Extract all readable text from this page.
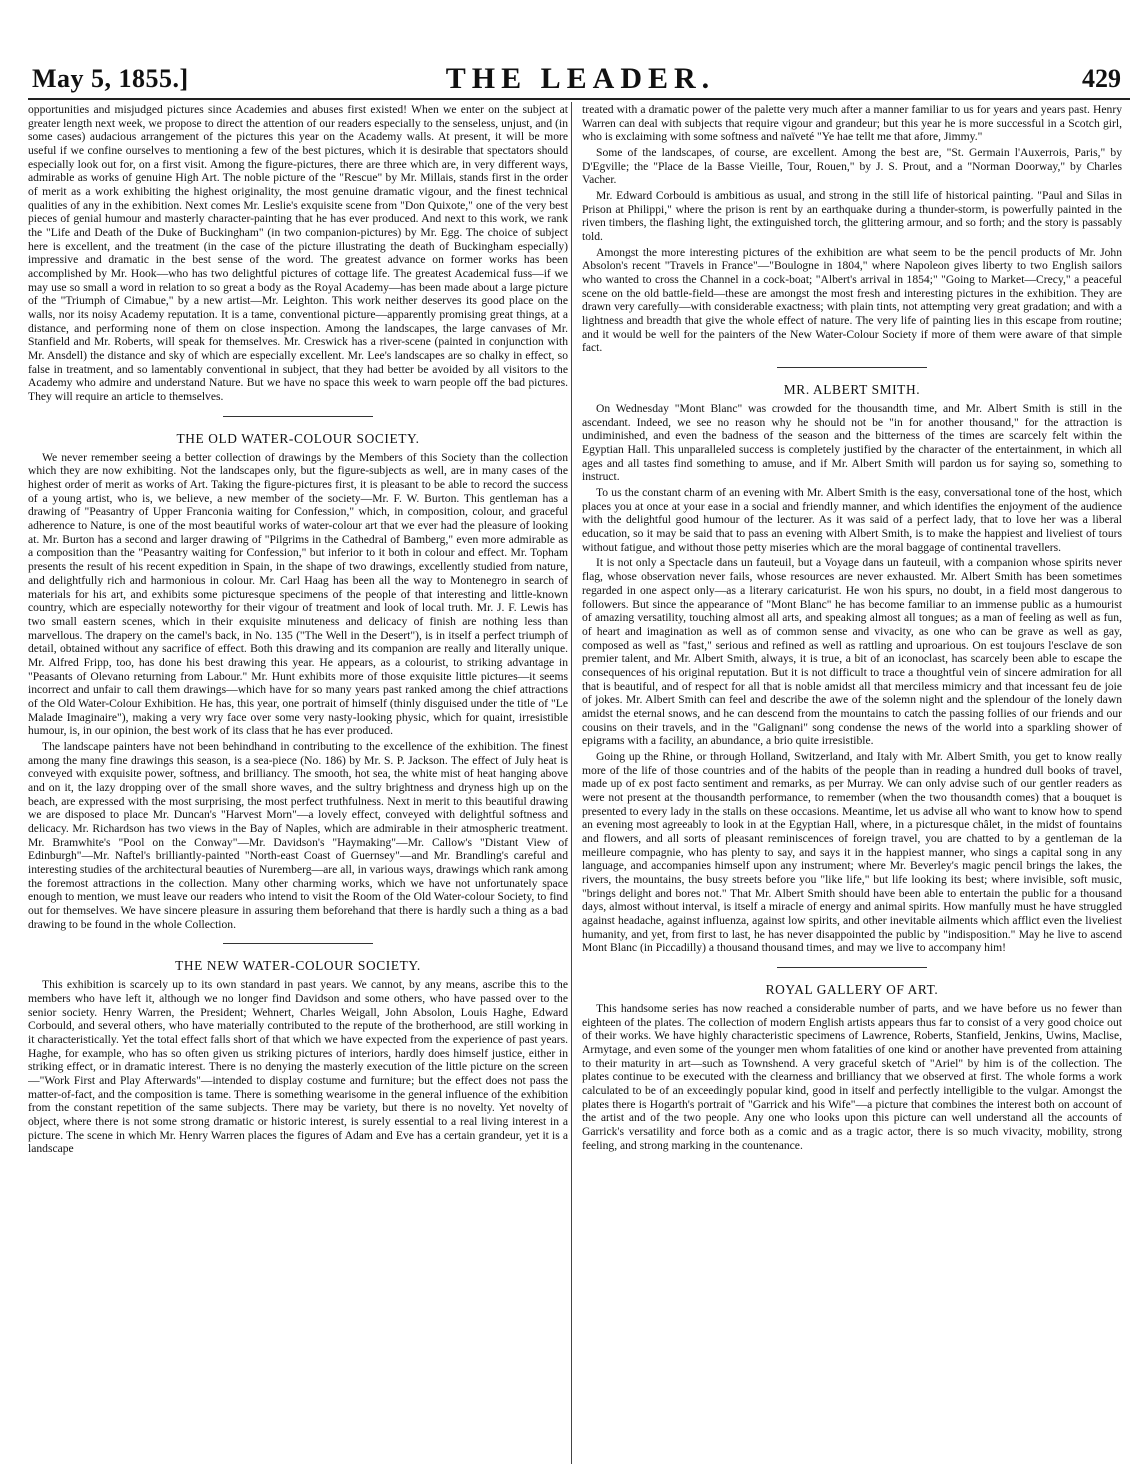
May 5, 1855.]	THE LEADER.	429

opportunities and misjudged pictures since Academies and abuses first existed! When we enter on the subject at greater length next week, we propose to direct the attention of our readers especially to the senseless, unjust, and (in some cases) audacious arrangement of the pictures this year on the Academy walls. At present, it will be more useful if we confine ourselves to mentioning a few of the best pictures, which it is desirable that spectators should especially look out for, on a first visit. Among the figure-pictures, there are three which are, in very different ways, admirable as works of genuine High Art. The noble picture of the "Rescue" by Mr. Millais, stands first in the order of merit as a work exhibiting the highest originality, the most genuine dramatic vigour, and the finest technical qualities of any in the exhibition. Next comes Mr. Leslie's exquisite scene from "Don Quixote," one of the very best pieces of genial humour and masterly character-painting that he has ever produced. And next to this work, we rank the "Life and Death of the Duke of Buckingham" (in two companion-pictures) by Mr. Egg. The choice of subject here is excellent, and the treatment (in the case of the picture illustrating the death of Buckingham especially) impressive and dramatic in the best sense of the word. The greatest advance on former works has been accomplished by Mr. Hook—who has two delightful pictures of cottage life. The greatest Academical fuss—if we may use so small a word in relation to so great a body as the Royal Academy—has been made about a large picture of the "Triumph of Cimabue," by a new artist—Mr. Leighton. This work neither deserves its good place on the walls, nor its noisy Academy reputation. It is a tame, conventional picture—apparently promising great things, at a distance, and performing none of them on close inspection. Among the landscapes, the large canvases of Mr. Stanfield and Mr. Roberts, will speak for themselves. Mr. Creswick has a river-scene (painted in conjunction with Mr. Ansdell) the distance and sky of which are especially excellent. Mr. Lee's landscapes are so chalky in effect, so false in treatment, and so lamentably conventional in subject, that they had better be avoided by all visitors to the Academy who admire and understand Nature. But we have no space this week to warn people off the bad pictures. They will require an article to themselves.

THE OLD WATER-COLOUR SOCIETY.

We never remember seeing a better collection of drawings by the Members of this Society than the collection which they are now exhibiting. Not the landscapes only, but the figure-subjects as well, are in many cases of the highest order of merit as works of Art. Taking the figure-pictures first, it is pleasant to be able to record the success of a young artist, who is, we believe, a new member of the society—Mr. F. W. Burton. This gentleman has a drawing of "Peasantry of Upper Franconia waiting for Confession," which, in composition, colour, and graceful adherence to Nature, is one of the most beautiful works of water-colour art that we ever had the pleasure of looking at. Mr. Burton has a second and larger drawing of "Pilgrims in the Cathedral of Bamberg," even more admirable as a composition than the "Peasantry waiting for Confession," but inferior to it both in colour and effect. Mr. Topham presents the result of his recent expedition in Spain, in the shape of two drawings, excellently studied from nature, and delightfully rich and harmonious in colour. Mr. Carl Haag has been all the way to Montenegro in search of materials for his art, and exhibits some picturesque specimens of the people of that interesting and little-known country, which are especially noteworthy for their vigour of treatment and look of local truth. Mr. J. F. Lewis has two small eastern scenes, which in their exquisite minuteness and delicacy of finish are nothing less than marvellous. The drapery on the camel's back, in No. 135 ("The Well in the Desert"), is in itself a perfect triumph of detail, obtained without any sacrifice of effect. Both this drawing and its companion are really and literally unique. Mr. Alfred Fripp, too, has done his best drawing this year. He appears, as a colourist, to striking advantage in "Peasants of Olevano returning from Labour." Mr. Hunt exhibits more of those exquisite little pictures—it seems incorrect and unfair to call them drawings—which have for so many years past ranked among the chief attractions of the Old Water-Colour Exhibition. He has, this year, one portrait of himself (thinly disguised under the title of "Le Malade Imaginaire"), making a very wry face over some very nasty-looking physic, which for quaint, irresistible humour, is, in our opinion, the best work of its class that he has ever produced.

The landscape painters have not been behindhand in contributing to the excellence of the exhibition. The finest among the many fine drawings this season, is a sea-piece (No. 186) by Mr. S. P. Jackson. The effect of July heat is conveyed with exquisite power, softness, and brilliancy. The smooth, hot sea, the white mist of heat hanging above and on it, the lazy dropping over of the small shore waves, and the sultry brightness and dryness high up on the beach, are expressed with the most surprising, the most perfect truthfulness. Next in merit to this beautiful drawing we are disposed to place Mr. Duncan's "Harvest Morn"—a lovely effect, conveyed with delightful softness and delicacy. Mr. Richardson has two views in the Bay of Naples, which are admirable in their atmospheric treatment. Mr. Bramwhite's "Pool on the Conway"—Mr. Davidson's "Haymaking"—Mr. Callow's "Distant View of Edinburgh"—Mr. Naftel's brilliantly-painted "North-east Coast of Guernsey"—and Mr. Brandling's careful and interesting studies of the architectural beauties of Nuremberg—are all, in various ways, drawings which rank among the foremost attractions in the collection. Many other charming works, which we have not unfortunately space enough to mention, we must leave our readers who intend to visit the Room of the Old Water-colour Society, to find out for themselves. We have sincere pleasure in assuring them beforehand that there is hardly such a thing as a bad drawing to be found in the whole Collection.

THE NEW WATER-COLOUR SOCIETY.

This exhibition is scarcely up to its own standard in past years. We cannot, by any means, ascribe this to the members who have left it, although we no longer find Davidson and some others, who have passed over to the senior society. Henry Warren, the President; Wehnert, Charles Weigall, John Absolon, Louis Haghe, Edward Corbould, and several others, who have materially contributed to the repute of the brotherhood, are still working in it characteristically. Yet the total effect falls short of that which we have expected from the experience of past years. Haghe, for example, who has so often given us striking pictures of interiors, hardly does himself justice, either in striking effect, or in dramatic interest. There is no denying the masterly execution of the little picture on the screen—"Work First and Play Afterwards"—intended to display costume and furniture; but the effect does not pass the matter-of-fact, and the composition is tame. There is something wearisome in the general influence of the exhibition from the constant repetition of the same subjects. There may be variety, but there is no novelty. Yet novelty of object, where there is not some strong dramatic or historic interest, is surely essential to a real living interest in a picture. The scene in which Mr. Henry Warren places the figures of Adam and Eve has a certain grandeur, yet it is a landscape

treated with a dramatic power of the palette very much after a manner familiar to us for years and years past. Henry Warren can deal with subjects that require vigour and grandeur; but this year he is more successful in a Scotch girl, who is exclaiming with some softness and naïveté "Ye hae tellt me that afore, Jimmy."

Some of the landscapes, of course, are excellent. Among the best are, "St. Germain l'Auxerrois, Paris," by D'Egville; the "Place de la Basse Vieille, Tour, Rouen," by J. S. Prout, and a "Norman Doorway," by Charles Vacher.

Mr. Edward Corbould is ambitious as usual, and strong in the still life of historical painting. "Paul and Silas in Prison at Philippi," where the prison is rent by an earthquake during a thunder-storm, is powerfully painted in the riven timbers, the flashing light, the extinguished torch, the glittering armour, and so forth; and the story is passably told.

Amongst the more interesting pictures of the exhibition are what seem to be the pencil products of Mr. John Absolon's recent "Travels in France"—"Boulogne in 1804," where Napoleon gives liberty to two English sailors who wanted to cross the Channel in a cock-boat; "Albert's arrival in 1854;" "Going to Market—Crecy," a peaceful scene on the old battle-field—these are amongst the most fresh and interesting pictures in the exhibition. They are drawn very carefully—with considerable exactness; with plain tints, not attempting very great gradation; and with a lightness and breadth that give the whole effect of nature. The very life of painting lies in this escape from routine; and it would be well for the painters of the New Water-Colour Society if more of them were aware of that simple fact.

MR. ALBERT SMITH.

On Wednesday "Mont Blanc" was crowded for the thousandth time, and Mr. Albert Smith is still in the ascendant. Indeed, we see no reason why he should not be "in for another thousand," for the attraction is undiminished, and even the badness of the season and the bitterness of the times are scarcely felt within the Egyptian Hall. This unparalleled success is completely justified by the character of the entertainment, in which all ages and all tastes find something to amuse, and if Mr. Albert Smith will pardon us for saying so, something to instruct.

To us the constant charm of an evening with Mr. Albert Smith is the easy, conversational tone of the host, which places you at once at your ease in a social and friendly manner, and which identifies the enjoyment of the audience with the delightful good humour of the lecturer. As it was said of a perfect lady, that to love her was a liberal education, so it may be said that to pass an evening with Albert Smith, is to make the happiest and liveliest of tours without fatigue, and without those petty miseries which are the moral baggage of continental travellers.

It is not only a Spectacle dans un fauteuil, but a Voyage dans un fauteuil, with a companion whose spirits never flag, whose observation never fails, whose resources are never exhausted. Mr. Albert Smith has been sometimes regarded in one aspect only—as a literary caricaturist. He won his spurs, no doubt, in a field most dangerous to followers. But since the appearance of "Mont Blanc" he has become familiar to an immense public as a humourist of amazing versatility, touching almost all arts, and speaking almost all tongues; as a man of feeling as well as fun, of heart and imagination as well as of common sense and vivacity, as one who can be grave as well as gay, composed as well as "fast," serious and refined as well as rattling and uproarious. On est toujours l'esclave de son premier talent, and Mr. Albert Smith, always, it is true, a bit of an iconoclast, has scarcely been able to escape the consequences of his original reputation. But it is not difficult to trace a thoughtful vein of sincere admiration for all that is beautiful, and of respect for all that is noble amidst all that merciless mimicry and that incessant feu de joie of jokes. Mr. Albert Smith can feel and describe the awe of the solemn night and the splendour of the lonely dawn amidst the eternal snows, and he can descend from the mountains to catch the passing follies of our friends and our cousins on their travels, and in the "Galignani" song condense the news of the world into a sparkling shower of epigrams with a facility, an abundance, a brio quite irresistible.

Going up the Rhine, or through Holland, Switzerland, and Italy with Mr. Albert Smith, you get to know really more of the life of those countries and of the habits of the people than in reading a hundred dull books of travel, made up of ex post facto sentiment and remarks, as per Murray. We can only advise such of our gentler readers as were not present at the thousandth performance, to remember (when the two thousandth comes) that a bouquet is presented to every lady in the stalls on these occasions. Meantime, let us advise all who want to know how to spend an evening most agreeably to look in at the Egyptian Hall, where, in a picturesque châlet, in the midst of fountains and flowers, and all sorts of pleasant reminiscences of foreign travel, you are chatted to by a gentleman de la meilleure compagnie, who has plenty to say, and says it in the happiest manner, who sings a capital song in any language, and accompanies himself upon any instrument; where Mr. Beverley's magic pencil brings the lakes, the rivers, the mountains, the busy streets before you "like life," but life looking its best; where invisible, soft music, "brings delight and bores not." That Mr. Albert Smith should have been able to entertain the public for a thousand days, almost without interval, is itself a miracle of energy and animal spirits. How manfully must he have struggled against headache, against influenza, against low spirits, and other inevitable ailments which afflict even the liveliest humanity, and yet, from first to last, he has never disappointed the public by "indisposition." May he live to ascend Mont Blanc (in Piccadilly) a thousand thousand times, and may we live to accompany him!

ROYAL GALLERY OF ART.

This handsome series has now reached a considerable number of parts, and we have before us no fewer than eighteen of the plates. The collection of modern English artists appears thus far to consist of a very good choice out of their works. We have highly characteristic specimens of Lawrence, Roberts, Stanfield, Jenkins, Uwins, Maclise, Armytage, and even some of the younger men whom fatalities of one kind or another have prevented from attaining to their maturity in art—such as Townshend. A very graceful sketch of "Ariel" by him is of the collection. The plates continue to be executed with the clearness and brilliancy that we observed at first. The whole forms a work calculated to be of an exceedingly popular kind, good in itself and perfectly intelligible to the vulgar. Amongst the plates there is Hogarth's portrait of "Garrick and his Wife"—a picture that combines the interest both on account of the artist and of the two people. Any one who looks upon this picture can well understand all the accounts of Garrick's versatility and force both as a comic and as a tragic actor, there is so much vivacity, mobility, strong feeling, and strong marking in the countenance.
